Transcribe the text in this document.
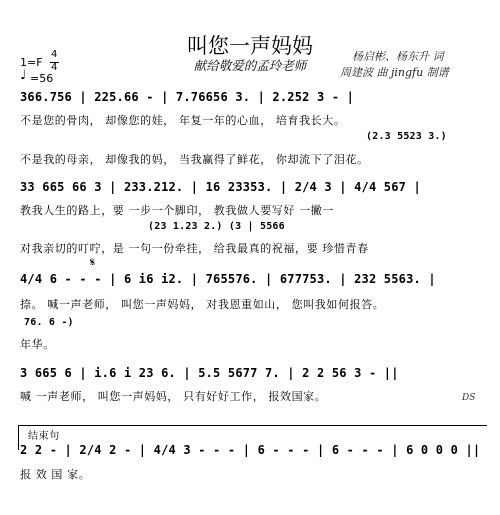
叫您一声妈妈
献给敬爱的孟玲老师
杨启彬、杨东升 词
周建波 曲 jingfu 制谱
1=F
4
4
♩ =56
366.756 | 225.66 - | 7.76656 3. | 2.252 3 - |
不是您的骨肉， 却像您的娃， 年复一年的心血， 培育我长大。
(2.3 5523 3.)
不是我的母亲， 却像我的妈， 当我赢得了鲜花， 你却流下了泪花。
33 665 66 3 | 233.212. | 16 23353. | 2/4 3 | 4/4 567 |
教我人生的路上，要 一步一个脚印， 教我做人要写好 一撇一
(23 1.23 2.) (3 | 5566
对我亲切的叮咛，是 一句一份牵挂， 给我最真的祝福，要 珍惜青春
𝄋
4/4 6 - - - | 6 i6 i2. | 765576. | 677753. | 232 5563. |
捺。 喊一声老师， 叫您一声妈妈， 对我恩重如山， 您叫我如何报答。
76. 6 -)
年华。
3 665 6 | i.6 i 23 6. | 5.5 5677 7. | 2 2 56 3 - ||
喊 一声老师， 叫您一声妈妈， 只有好好工作， 报效国家。	DS
结束句
2 2 - | 2/4 2 - | 4/4 3 - - - | 6 - - - | 6 - - - | 6 0 0 0 ||
报 效 国 家。
